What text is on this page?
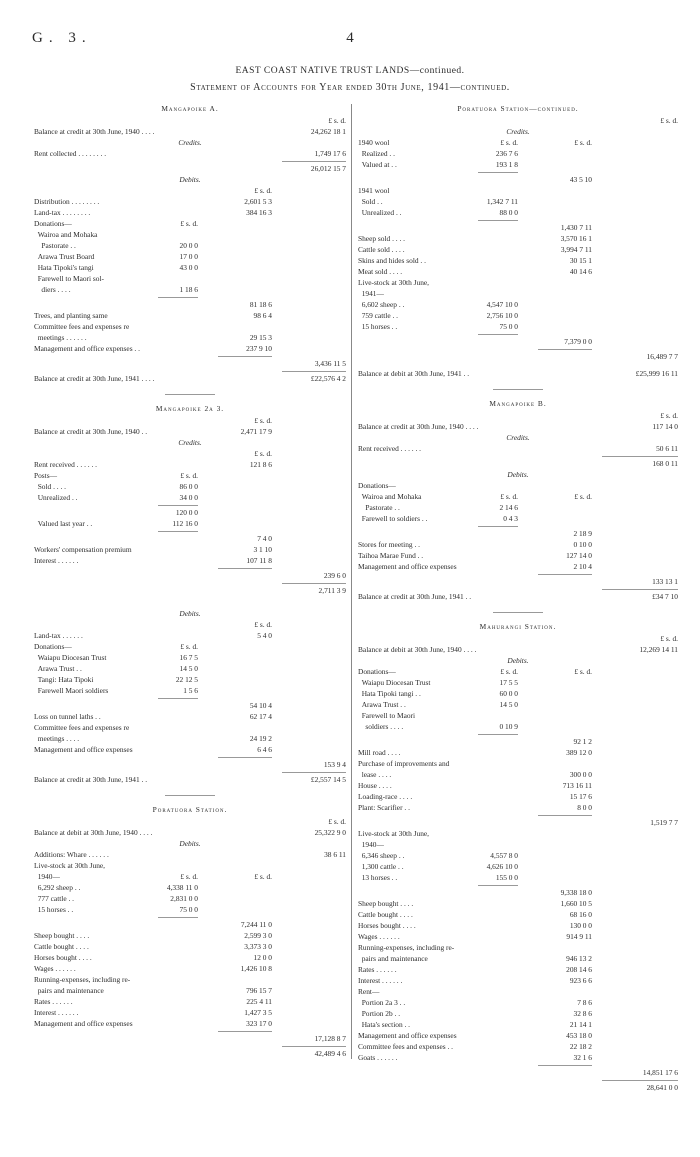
G. 3.	4
EAST COAST NATIVE TRUST LANDS—continued.
Statement of Accounts for Year ended 30th June, 1941—continued.
Mangapoike A.
£ s. d.
Balance at credit at 30th June, 1940 . . . .	24,262 18 1
Credits.
Rent collected . . . . . . . .	1,749 17 6
26,012 15 7
Debits.
£ s. d.
Distribution . . . . . . . .	2,601 5 3
Land-tax . . . . . . . .	384 16 3
Donations—	£ s. d.
Wairoa and Mohaka
Pastorate . .	20 0 0
Arawa Trust Board	17 0 0
Hata Tipoki's tangi	43 0 0
Farewell to Maori sol-
diers . . . .	1 18 6
81 18 6
Trees, and planting same	98 6 4
Committee fees and expenses re
meetings . . . . . .	29 15 3
Management and office expenses . .	237 9 10
3,436 11 5
Balance at credit at 30th June, 1941 . . . .	£22,576 4 2
Mangapoike 2a 3.
£ s. d.
Balance at credit at 30th June, 1940 . .	2,471 17 9
Credits.
£ s. d.
Rent received . . . . . .	121 8 6
Posts—	£ s. d.
Sold . . . .	86 0 0
Unrealized . .	34 0 0
120 0 0
Valued last year . .	112 16 0
7 4 0
Workers' compensation premium	3 1 10
Interest . . . . . .	107 11 8
239 6 0
2,711 3 9
Debits.
£ s. d.
Land-tax . . . . . .	5 4 0
Donations—	£ s. d.
Waiapu Diocesan Trust	16 7 5
Arawa Trust . .	14 5 0
Tangi: Hata Tipoki	22 12 5
Farewell Maori soldiers	1 5 6
54 10 4
Loss on tunnel laths . .	62 17 4
Committee fees and expenses re
meetings . . . .	24 19 2
Management and office expenses	6 4 6
153 9 4
Balance at credit at 30th June, 1941 . .	£2,557 14 5
Poratuora Station.
£ s. d.
Balance at debit at 30th June, 1940 . . . .	25,322 9 0
Debits.
Additions: Whare . . . . . .	38 6 11
Live-stock at 30th June,
1940—	£ s. d.	£ s. d.
6,292 sheep . .	4,338 11 0
777 cattle . .	2,831 0 0
15 horses . .	75 0 0
7,244 11 0
Sheep bought . . . .	2,599 3 0
Cattle bought . . . .	3,373 3 0
Horses bought . . . .	12 0 0
Wages . . . . . .	1,426 10 8
Running-expenses, including re-
pairs and maintenance	796 15 7
Rates . . . . . .	225 4 11
Interest . . . . . .	1,427 3 5
Management and office expenses	323 17 0
17,128 8 7
42,489 4 6
Poratuora Station—continued.
£ s. d.
Credits.
1940 wool	£ s. d.	£ s. d.
Realized . .	236 7 6
Valued at . .	193 1 8
43 5 10
1941 wool
Sold . .	1,342 7 11
Unrealized . .	88 0 0
1,430 7 11
Sheep sold . . . .	3,570 16 1
Cattle sold . . . .	3,994 7 11
Skins and hides sold . .	30 15 1
Meat sold . . . .	40 14 6
Live-stock at 30th June,
1941—
6,602 sheep . .	4,547 10 0
759 cattle . .	2,756 10 0
15 horses . .	75 0 0
7,379 0 0
16,489 7 7
Balance at debit at 30th June, 1941 . .	£25,999 16 11
Mangapoike B.
£ s. d.
Balance at credit at 30th June, 1940 . . . .	117 14 0
Credits.
Rent received . . . . . .	50 6 11
168 0 11
Debits.
Donations—
Wairoa and Mohaka	£ s. d.	£ s. d.
Pastorate . .	2 14 6
Farewell to soldiers . .	0 4 3
2 18 9
Stores for meeting . .	0 10 0
Taihoa Marae Fund . .	127 14 0
Management and office expenses	2 10 4
133 13 1
Balance at credit at 30th June, 1941 . .	£34 7 10
Mahurangi Station.
£ s. d.
Balance at debit at 30th June, 1940 . . . .	12,269 14 11
Debits.
Donations—	£ s. d.	£ s. d.
Waiapu Diocesan Trust	17 5 5
Hata Tipoki tangi . .	60 0 0
Arawa Trust . .	14 5 0
Farewell to Maori
soldiers . . . .	0 10 9
92 1 2
Mill road . . . .	389 12 0
Purchase of improvements and
lease . . . .	300 0 0
House . . . .	713 16 11
Loading-race . . . .	15 17 6
Plant: Scarifier . .	8 0 0
1,519 7 7
Live-stock at 30th June,
1940—
6,346 sheep . .	4,557 8 0
1,300 cattle . .	4,626 10 0
13 horses . .	155 0 0
9,338 18 0
Sheep bought . . . .	1,660 10 5
Cattle bought . . . .	68 16 0
Horses bought . . . .	130 0 0
Wages . . . . . .	914 9 11
Running-expenses, including re-
pairs and maintenance	946 13 2
Rates . . . . . .	208 14 6
Interest . . . . . .	923 6 6
Rent—
Portion 2a 3 . .	7 8 6
Portion 2b . .	32 8 6
Hata's section . .	21 14 1
Management and office expenses	453 18 0
Committee fees and expenses . .	22 18 2
Goats . . . . . .	32 1 6
14,851 17 6
28,641 0 0
